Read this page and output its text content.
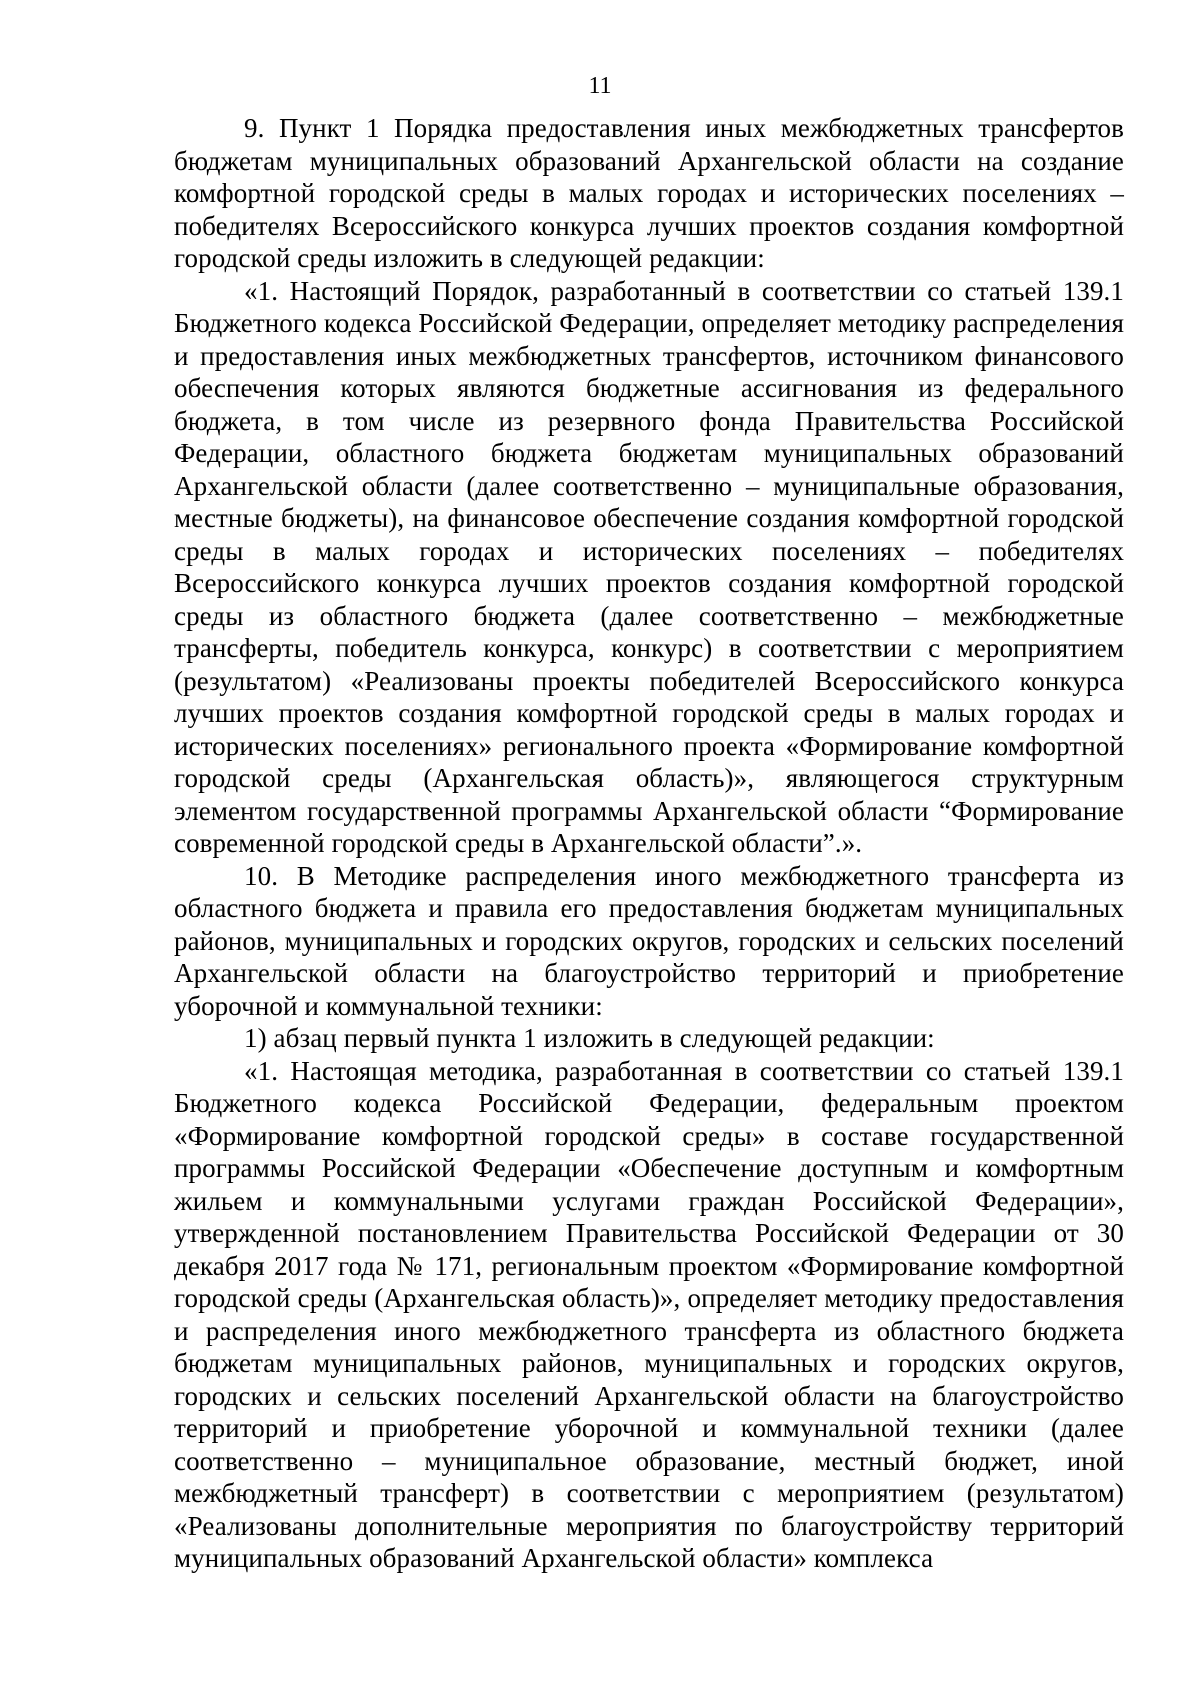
11

9. Пункт 1 Порядка предоставления иных межбюджетных трансфертов бюджетам муниципальных образований Архангельской области на создание комфортной городской среды в малых городах и исторических поселениях – победителях Всероссийского конкурса лучших проектов создания комфортной городской среды изложить в следующей редакции:

«1. Настоящий Порядок, разработанный в соответствии со статьей 139.1 Бюджетного кодекса Российской Федерации, определяет методику распределения и предоставления иных межбюджетных трансфертов, источником финансового обеспечения которых являются бюджетные ассигнования из федерального бюджета, в том числе из резервного фонда Правительства Российской Федерации, областного бюджета бюджетам муниципальных образований Архангельской области (далее соответственно – муниципальные образования, местные бюджеты), на финансовое обеспечение создания комфортной городской среды в малых городах и исторических поселениях – победителях Всероссийского конкурса лучших проектов создания комфортной городской среды из областного бюджета (далее соответственно – межбюджетные трансферты, победитель конкурса, конкурс) в соответствии с мероприятием (результатом) «Реализованы проекты победителей Всероссийского конкурса лучших проектов создания комфортной городской среды в малых городах и исторических поселениях» регионального проекта «Формирование комфортной городской среды (Архангельская область)», являющегося структурным элементом государственной программы Архангельской области “Формирование современной городской среды в Архангельской области”.».

10. В Методике распределения иного межбюджетного трансферта из областного бюджета и правила его предоставления бюджетам муниципальных районов, муниципальных и городских округов, городских и сельских поселений Архангельской области на благоустройство территорий и приобретение уборочной и коммунальной техники:

1) абзац первый пункта 1 изложить в следующей редакции:

«1. Настоящая методика, разработанная в соответствии со статьей 139.1 Бюджетного кодекса Российской Федерации, федеральным проектом «Формирование комфортной городской среды» в составе государственной программы Российской Федерации «Обеспечение доступным и комфортным жильем и коммунальными услугами граждан Российской Федерации», утвержденной постановлением Правительства Российской Федерации от 30 декабря 2017 года № 171, региональным проектом «Формирование комфортной городской среды (Архангельская область)», определяет методику предоставления и распределения иного межбюджетного трансферта из областного бюджета бюджетам муниципальных районов, муниципальных и городских округов, городских и сельских поселений Архангельской области на благоустройство территорий и приобретение уборочной и коммунальной техники (далее соответственно – муниципальное образование, местный бюджет, иной межбюджетный трансферт) в соответствии с мероприятием (результатом) «Реализованы дополнительные мероприятия по благоустройству территорий муниципальных образований Архангельской области» комплекса
